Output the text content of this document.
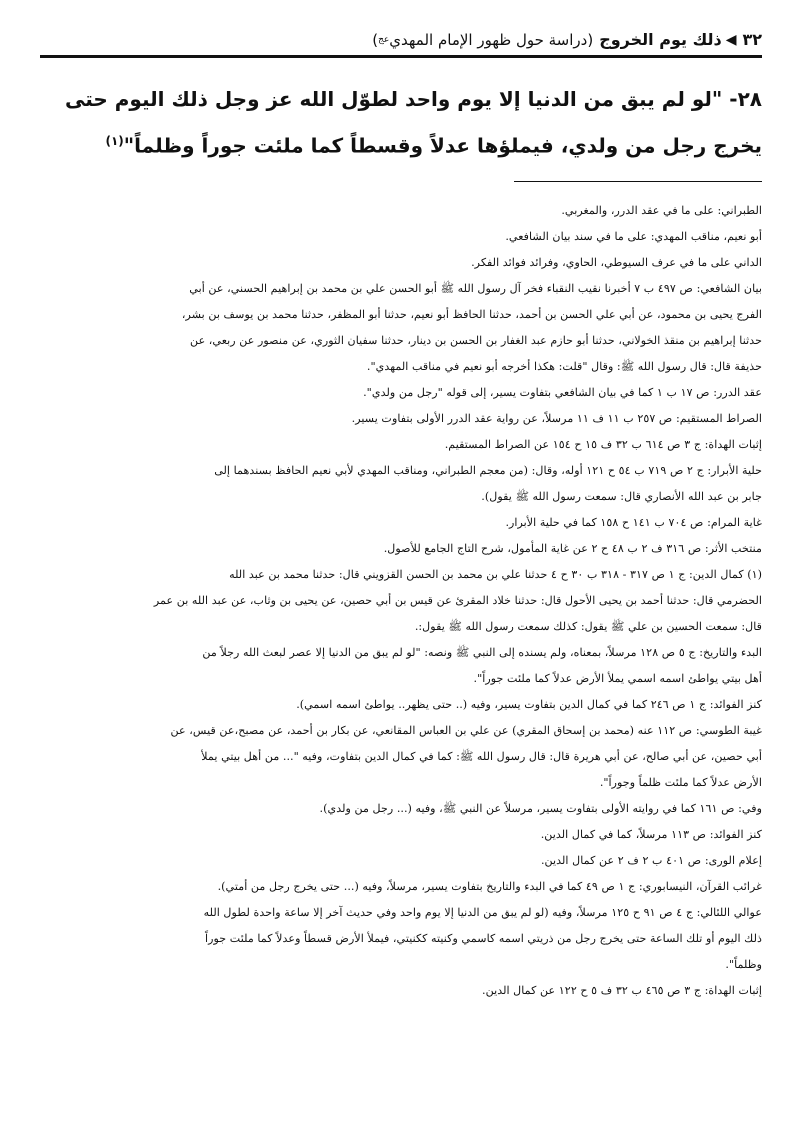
٣٢
◀
ذلك يوم الخروج
(دراسة حول ظهور الإمام المهدي
عج
)
٢٨- "لو لم يبق من الدنيا إلا يوم واحد لطوّل الله عز وجل ذلك اليوم حتى
يخرج رجل من ولدي، فيملؤها عدلاً وقسطاً كما ملئت جوراً وظلماً"$^{(١)}$
الطبراني: على ما في عقد الدرر، والمغربي.
أبو نعيم، مناقب المهدي: على ما في سند بيان الشافعي.
الداني على ما في عرف السيوطي، الحاوي، وفرائد فوائد الفكر.
بيان الشافعي: ص ٤٩٧ ب ٧ أخبرنا نقيب النقباء فخر آل رسول الله ﷺ أبو الحسن علي بن محمد بن إبراهيم الحسني، عن أبي
الفرج يحيى بن محمود، عن أبي علي الحسن بن أحمد، حدثنا الحافظ أبو نعيم، حدثنا أبو المظفر، حدثنا محمد بن يوسف بن بشر،
حدثنا إبراهيم بن منقذ الخولاني، حدثنا أبو حازم عبد الغفار بن الحسن بن دينار، حدثنا سفيان الثوري، عن منصور عن ربعي، عن
حذيفة قال: قال رسول الله ﷺ: وقال "قلت: هكذا أخرجه أبو نعيم في مناقب المهدي".
عقد الدرر: ص ١٧ ب ١ كما في بيان الشافعي بتفاوت يسير، إلى قوله "رجل من ولدي".
الصراط المستقيم: ص ٢٥٧ ب ١١ ف ١١ مرسلاً، عن رواية عقد الدرر الأولى بتفاوت يسير.
إثبات الهداة: ج ٣ ص ٦١٤ ب ٣٢ ف ١٥ ح ١٥٤ عن الصراط المستقيم.
حلية الأبرار: ج ٢ ص ٧١٩ ب ٥٤ ح ١٢١ أوله، وقال: (من معجم الطبراني، ومناقب المهدي لأبي نعيم الحافظ بسندهما إلى
جابر بن عبد الله الأنصاري قال: سمعت رسول الله ﷺ يقول).
غاية المرام: ص ٧٠٤ ب ١٤١ ح ١٥٨ كما في حلية الأبرار.
منتخب الأثر: ص ٣١٦ ف ٢ ب ٤٨ ح ٢ عن غاية المأمول، شرح التاج الجامع للأصول.
(١) كمال الدين: ج ١ ص ٣١٧ - ٣١٨ ب ٣٠ ح ٤ حدثنا علي بن محمد بن الحسن القزويني قال: حدثنا محمد بن عبد الله
الحضرمي قال: حدثنا أحمد بن يحيى الأحول قال: حدثنا خلاد المقرئ عن قيس بن أبي حصين، عن يحيى بن وثاب، عن عبد الله بن عمر
قال: سمعت الحسين بن علي ﷺ يقول: كذلك سمعت رسول الله ﷺ يقول:.
البدء والتاريخ: ج ٥ ص ١٢٨ مرسلاً، بمعناه، ولم يسنده إلى النبي ﷺ ونصه: "لو لم يبق من الدنيا إلا عصر لبعث الله رجلاً من
أهل بيتي يواطئ اسمه اسمي يملأ الأرض عدلاً كما ملئت جوراً".
كنز الفوائد: ج ١ ص ٢٤٦ كما في كمال الدين بتفاوت يسير، وفيه (.. حتى يظهر.. يواطئ اسمه اسمي).
غيبة الطوسي: ص ١١٢ عنه (محمد بن إسحاق المقري) عن علي بن العباس المقانعي، عن بكار بن أحمد، عن مصبح،عن قيس، عن
أبي حصين، عن أبي صالح، عن أبي هريرة قال: قال رسول الله ﷺ: كما في كمال الدين بتفاوت، وفيه "... من أهل بيتي يملأ
الأرض عدلاً كما ملئت ظلماً وجوراً".
وفي: ص ١٦١ كما في روايته الأولى بتفاوت يسير، مرسلاً عن النبي ﷺ، وفيه (... رجل من ولدي).
كنز الفوائد: ص ١١٣ مرسلاً، كما في كمال الدين.
إعلام الورى: ص ٤٠١ ب ٢ ف ٢ عن كمال الدين.
غرائب القرآن، النيسابوري: ج ١ ص ٤٩ كما في البدء والتاريخ بتفاوت يسير، مرسلاً، وفيه (... حتى يخرج رجل من أمتي).
عوالي اللئالي: ج ٤ ص ٩١ ح ١٢٥ مرسلاً، وفيه (لو لم يبق من الدنيا إلا يوم واحد وفي حديث آخر إلا ساعة واحدة لطول الله
ذلك اليوم أو تلك الساعة حتى يخرج رجل من ذريتي اسمه كاسمي وكنيته ككنيتي، فيملأ الأرض قسطاً وعدلاً كما ملئت جوراً
وظلماً".
إثبات الهداة: ج ٣ ص ٤٦٥ ب ٣٢ ف ٥ ح ١٢٢ عن كمال الدين.
